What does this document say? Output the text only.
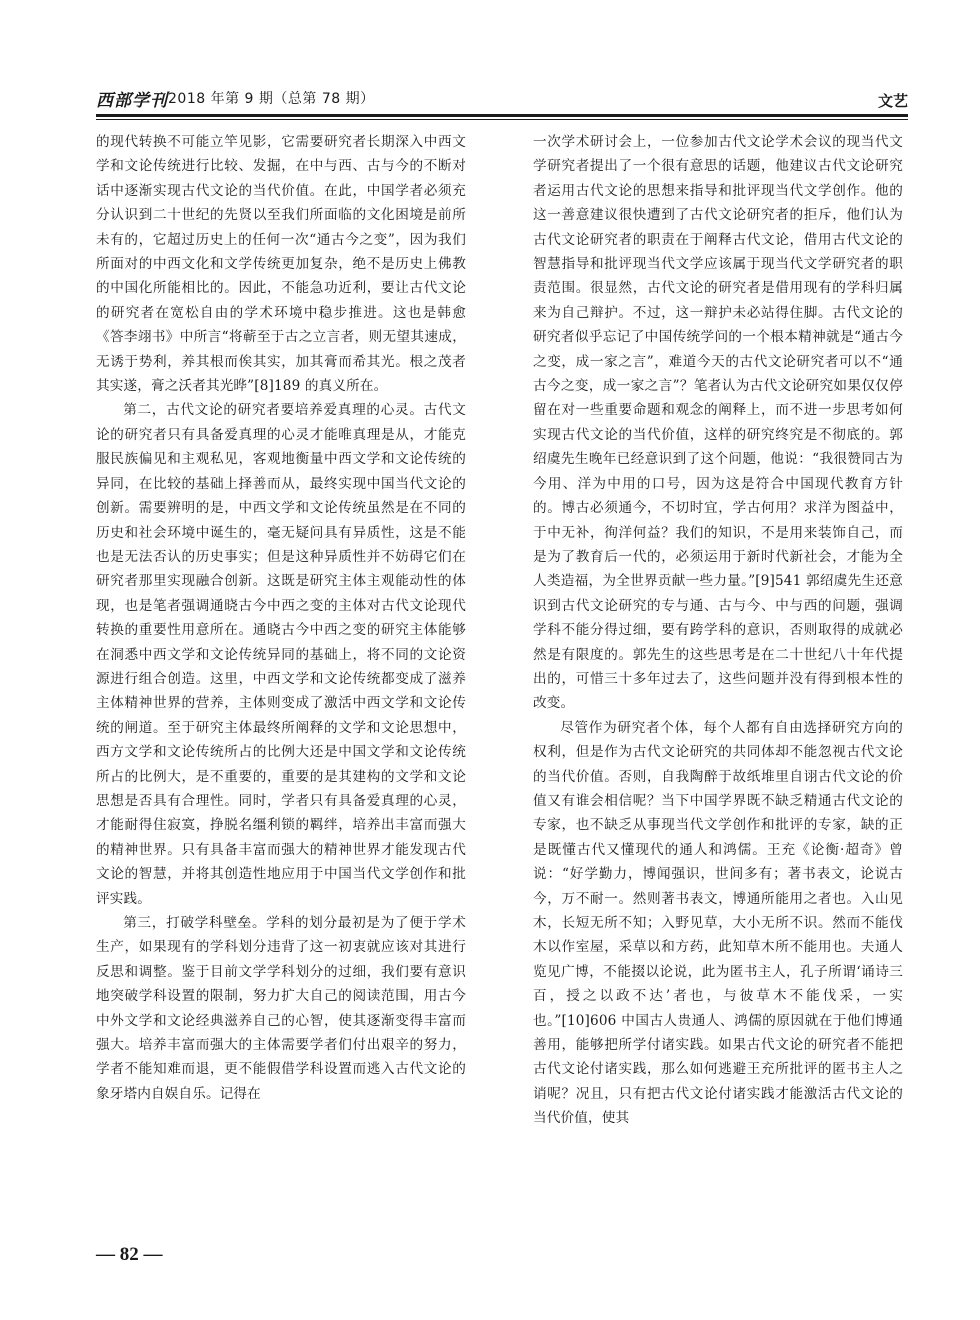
西部学刊 2018 年第 9 期（总第 78 期）	文艺

的现代转换不可能立竿见影，它需要研究者长期深入中西文学和文论传统进行比较、发掘，在中与西、古与今的不断对话中逐渐实现古代文论的当代价值。在此，中国学者必须充分认识到二十世纪的先贤以至我们所面临的文化困境是前所未有的，它超过历史上的任何一次“通古今之变”，因为我们所面对的中西文化和文学传统更加复杂，绝不是历史上佛教的中国化所能相比的。因此，不能急功近利，要让古代文论的研究者在宽松自由的学术环境中稳步推进。这也是韩愈《答李翊书》中所言“将蕲至于古之立言者，则无望其速成，无诱于势利，养其根而俟其实，加其膏而希其光。根之茂者其实遂，膏之沃者其光晔”[8]189 的真义所在。

第二，古代文论的研究者要培养爱真理的心灵。古代文论的研究者只有具备爱真理的心灵才能唯真理是从，才能克服民族偏见和主观私见，客观地衡量中西文学和文论传统的异同，在比较的基础上择善而从，最终实现中国当代文论的创新。需要辨明的是，中西文学和文论传统虽然是在不同的历史和社会环境中诞生的，毫无疑问具有异质性，这是不能也是无法否认的历史事实；但是这种异质性并不妨碍它们在研究者那里实现融合创新。这既是研究主体主观能动性的体现，也是笔者强调通晓古今中西之变的主体对古代文论现代转换的重要性用意所在。通晓古今中西之变的研究主体能够在洞悉中西文学和文论传统异同的基础上，将不同的文论资源进行组合创造。这里，中西文学和文论传统都变成了滋养主体精神世界的营养，主体则变成了激活中西文学和文论传统的闸道。至于研究主体最终所阐释的文学和文论思想中，西方文学和文论传统所占的比例大还是中国文学和文论传统所占的比例大，是不重要的，重要的是其建构的文学和文论思想是否具有合理性。同时，学者只有具备爱真理的心灵，才能耐得住寂寞，挣脱名缰利锁的羁绊，培养出丰富而强大的精神世界。只有具备丰富而强大的精神世界才能发现古代文论的智慧，并将其创造性地应用于中国当代文学创作和批评实践。

第三，打破学科壁垒。学科的划分最初是为了便于学术生产，如果现有的学科划分违背了这一初衷就应该对其进行反思和调整。鉴于目前文学学科划分的过细，我们要有意识地突破学科设置的限制，努力扩大自己的阅读范围，用古今中外文学和文论经典滋养自己的心智，使其逐渐变得丰富而强大。培养丰富而强大的主体需要学者们付出艰辛的努力，学者不能知难而退，更不能假借学科设置而逃入古代文论的象牙塔内自娱自乐。记得在

一次学术研讨会上，一位参加古代文论学术会议的现当代文学研究者提出了一个很有意思的话题，他建议古代文论研究者运用古代文论的思想来指导和批评现当代文学创作。他的这一善意建议很快遭到了古代文论研究者的拒斥，他们认为古代文论研究者的职责在于阐释古代文论，借用古代文论的智慧指导和批评现当代文学应该属于现当代文学研究者的职责范围。很显然，古代文论的研究者是借用现有的学科归属来为自己辩护。不过，这一辩护未必站得住脚。古代文论的研究者似乎忘记了中国传统学问的一个根本精神就是“通古今之变，成一家之言”，难道今天的古代文论研究者可以不“通古今之变，成一家之言”？笔者认为古代文论研究如果仅仅停留在对一些重要命题和观念的阐释上，而不进一步思考如何实现古代文论的当代价值，这样的研究终究是不彻底的。郭绍虞先生晚年已经意识到了这个问题，他说：“我很赞同古为今用、洋为中用的口号，因为这是符合中国现代教育方针的。博古必须通今，不切时宜，学古何用？求洋为图益中，于中无补，徇洋何益？我们的知识，不是用来装饰自己，而是为了教育后一代的，必须运用于新时代新社会，才能为全人类造福，为全世界贡献一些力量。”[9]541 郭绍虞先生还意识到古代文论研究的专与通、古与今、中与西的问题，强调学科不能分得过细，要有跨学科的意识，否则取得的成就必然是有限度的。郭先生的这些思考是在二十世纪八十年代提出的，可惜三十多年过去了，这些问题并没有得到根本性的改变。

尽管作为研究者个体，每个人都有自由选择研究方向的权利，但是作为古代文论研究的共同体却不能忽视古代文论的当代价值。否则，自我陶醉于故纸堆里自诩古代文论的价值又有谁会相信呢？当下中国学界既不缺乏精通古代文论的专家，也不缺乏从事现当代文学创作和批评的专家，缺的正是既懂古代又懂现代的通人和鸿儒。王充《论衡·超奇》曾说：“好学勤力，博闻强识，世间多有；著书表文，论说古今，万不耐一。然则著书表文，博通所能用之者也。入山见木，长短无所不知；入野见草，大小无所不识。然而不能伐木以作室屋，采草以和方药，此知草木所不能用也。夫通人览见广博，不能掇以论说，此为匿书主人，孔子所谓‘诵诗三百，授之以政不达’者也，与彼草木不能伐采，一实也。”[10]606 中国古人贵通人、鸿儒的原因就在于他们博通善用，能够把所学付诸实践。如果古代文论的研究者不能把古代文论付诸实践，那么如何逃避王充所批评的匿书主人之诮呢？况且，只有把古代文论付诸实践才能激活古代文论的当代价值，使其

— 82 —
